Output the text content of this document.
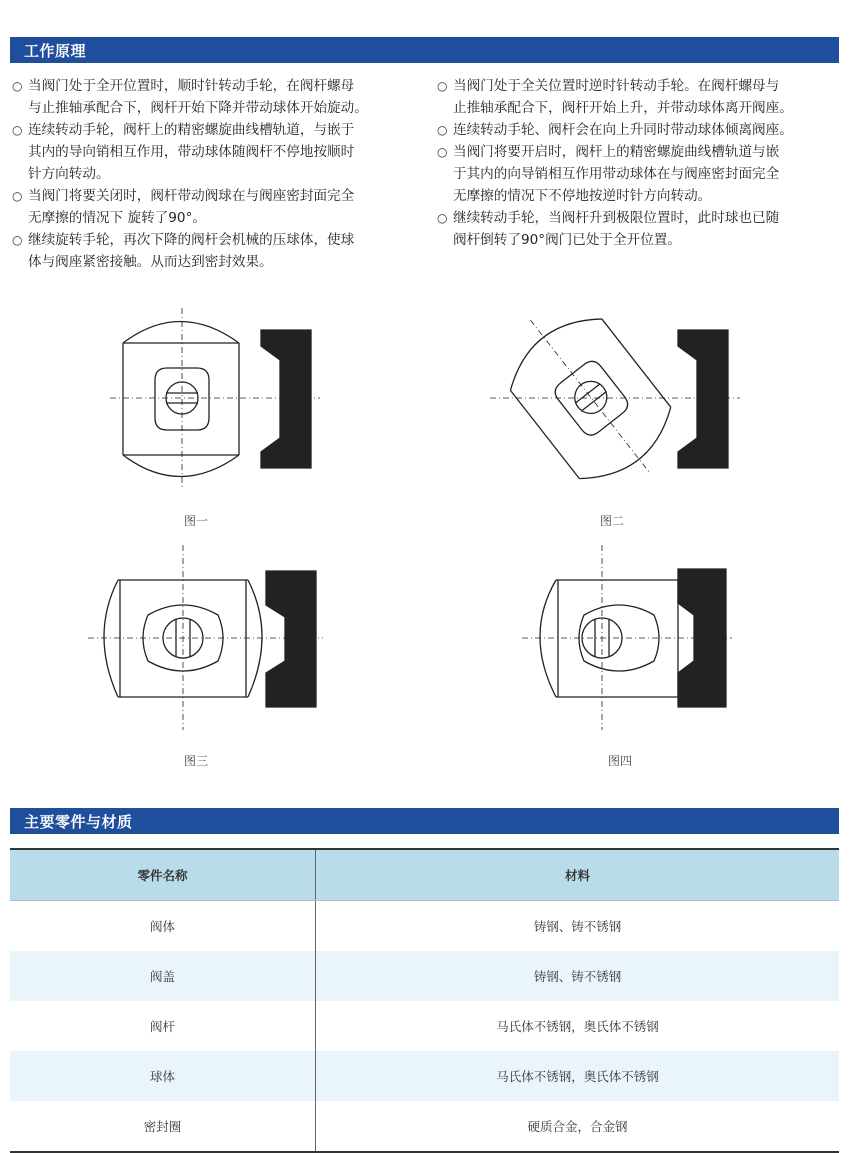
工作原理
○ 当阀门处于全开位置时，顺时针转动手轮，在阀杆螺母
与止推轴承配合下，阀杆开始下降并带动球体开始旋动。
○ 连续转动手轮，阀杆上的精密螺旋曲线槽轨道，与嵌于
其内的导向销相互作用，带动球体随阀杆不停地按顺时
针方向转动。
○ 当阀门将要关闭时，阀杆带动阀球在与阀座密封面完全
无摩擦的情况下 旋转了90°。
○ 继续旋转手轮，再次下降的阀杆会机械的压球体，使球
体与阀座紧密接触。从而达到密封效果。
○ 当阀门处于全关位置时逆时针转动手轮。在阀杆螺母与
止推轴承配合下，阀杆开始上升，并带动球体离开阀座。
○ 连续转动手轮、阀杆会在向上升同时带动球体倾离阀座。
○ 当阀门将要开启时，阀杆上的精密螺旋曲线槽轨道与嵌
于其内的向导销相互作用带动球体在与阀座密封面完全
无摩擦的情况下不停地按逆时针方向转动。
○ 继续转动手轮，当阀杆升到极限位置时，此时球也已随
阀杆倒转了90°阀门已处于全开位置。
图一	图二
图三	图四
主要零件与材质
零件名称	材料
阀体	铸钢、铸不锈钢
阀盖	铸钢、铸不锈钢
阀杆	马氏体不锈钢，奥氏体不锈钢
球体	马氏体不锈钢，奥氏体不锈钢
密封圈	硬质合金，合金钢
